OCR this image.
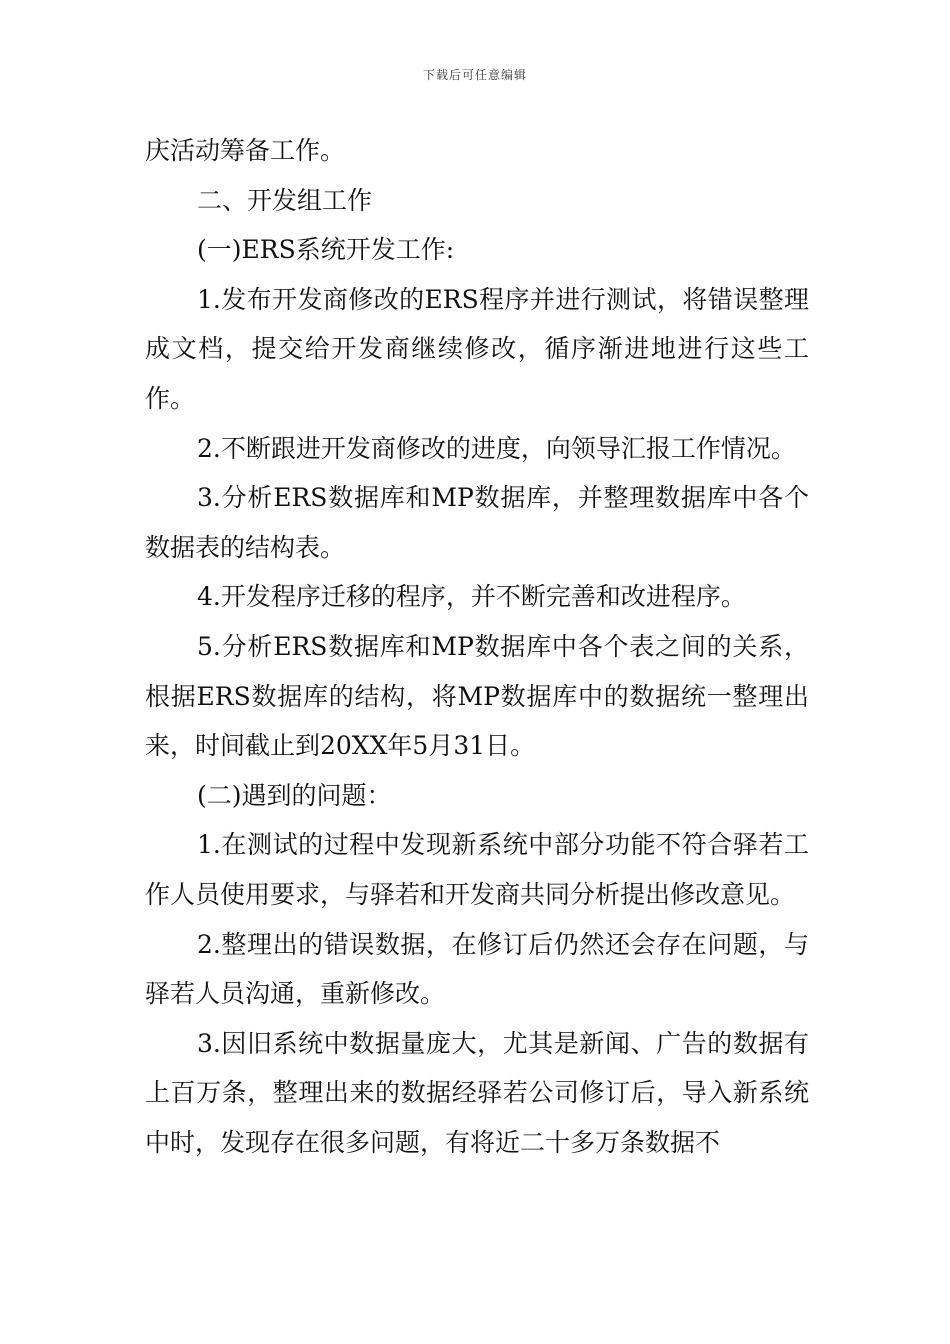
下载后可任意编辑

庆活动筹备工作。

二、开发组工作

(一)ERS系统开发工作:

1.发布开发商修改的ERS程序并进行测试，将错误整理成文档，提交给开发商继续修改，循序渐进地进行这些工作。

2.不断跟进开发商修改的进度，向领导汇报工作情况。

3.分析ERS数据库和MP数据库，并整理数据库中各个数据表的结构表。

4.开发程序迁移的程序，并不断完善和改进程序。

5.分析ERS数据库和MP数据库中各个表之间的关系，根据ERS数据库的结构，将MP数据库中的数据统一整理出来，时间截止到20XX年5月31日。

(二)遇到的问题：

1.在测试的过程中发现新系统中部分功能不符合驿若工作人员使用要求，与驿若和开发商共同分析提出修改意见。

2.整理出的错误数据，在修订后仍然还会存在问题，与驿若人员沟通，重新修改。

3.因旧系统中数据量庞大，尤其是新闻、广告的数据有上百万条，整理出来的数据经驿若公司修订后，导入新系统中时，发现存在很多问题，有将近二十多万条数据不
